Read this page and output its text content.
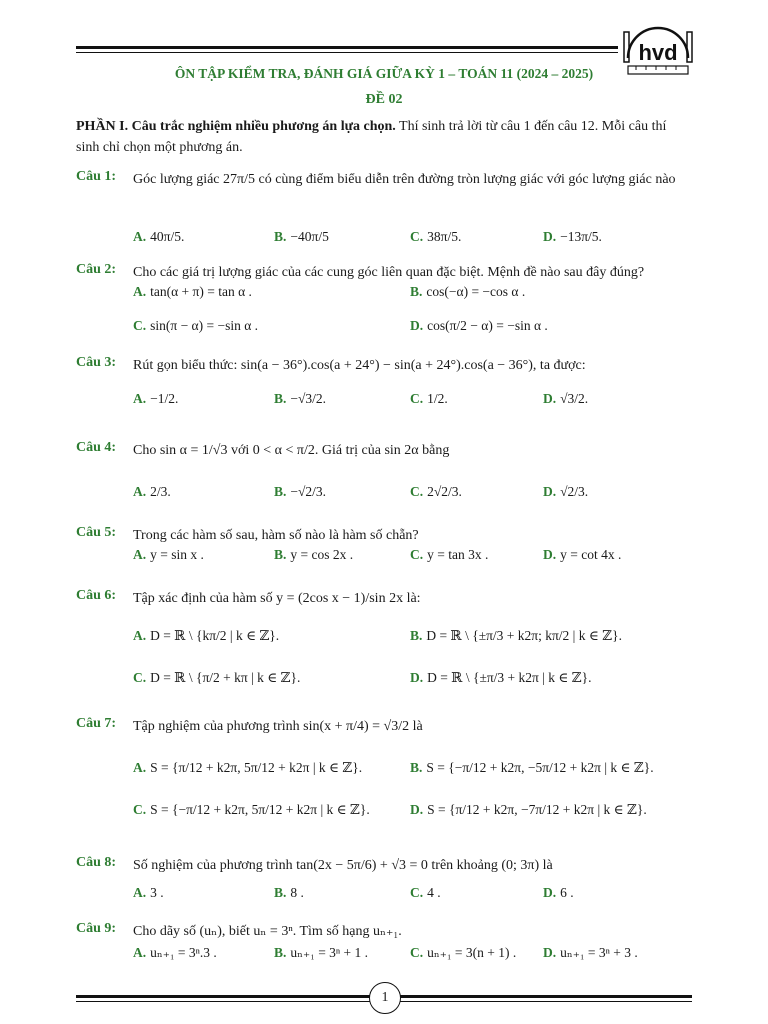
hvd
ÔN TẬP KIỂM TRA, ĐÁNH GIÁ GIỮA KỲ 1 – TOÁN 11 (2024 – 2025)
ĐỀ 02
PHẦN I. Câu trắc nghiệm nhiều phương án lựa chọn. Thí sinh trả lời từ câu 1 đến câu 12. Mỗi câu thí sinh chỉ chọn một phương án.
Câu 1: Góc lượng giác 27π/5 có cùng điểm biểu diễn trên đường tròn lượng giác với góc lượng giác nào
A. 40π/5.	B. −40π/5	C. 38π/5.	D. −13π/5.
Câu 2: Cho các giá trị lượng giác của các cung góc liên quan đặc biệt. Mệnh đề nào sau đây đúng?
A. tan(α + π) = tan α .	B. cos(−α) = −cos α .
C. sin(π − α) = −sin α .	D. cos(π/2 − α) = −sin α .
Câu 3: Rút gọn biểu thức: sin(a − 36°).cos(a + 24°) − sin(a + 24°).cos(a − 36°), ta được:
A. −1/2.	B. −√3/2.	C. 1/2.	D. √3/2.
Câu 4: Cho sin α = 1/√3 với 0 < α < π/2. Giá trị của sin 2α bằng
A. 2/3.	B. −√2/3.	C. 2√2/3.	D. √2/3.
Câu 5: Trong các hàm số sau, hàm số nào là hàm số chẵn?
A. y = sin x .	B. y = cos 2x .	C. y = tan 3x .	D. y = cot 4x .
Câu 6: Tập xác định của hàm số y = (2cos x − 1)/sin 2x là:
A. D = ℝ \ {kπ/2 | k ∈ ℤ}.	B. D = ℝ \ {±π/3 + k2π; kπ/2 | k ∈ ℤ}.
C. D = ℝ \ {π/2 + kπ | k ∈ ℤ}.	D. D = ℝ \ {±π/3 + k2π | k ∈ ℤ}.
Câu 7: Tập nghiệm của phương trình sin(x + π/4) = √3/2 là
A. S = {π/12 + k2π, 5π/12 + k2π | k ∈ ℤ}.	B. S = {−π/12 + k2π, −5π/12 + k2π | k ∈ ℤ}.
C. S = {−π/12 + k2π, 5π/12 + k2π | k ∈ ℤ}.	D. S = {π/12 + k2π, −7π/12 + k2π | k ∈ ℤ}.
Câu 8: Số nghiệm của phương trình tan(2x − 5π/6) + √3 = 0 trên khoảng (0; 3π) là
A. 3 .	B. 8 .	C. 4 .	D. 6 .
Câu 9: Cho dãy số (uₙ), biết uₙ = 3ⁿ. Tìm số hạng uₙ₊₁.
A. uₙ₊₁ = 3ⁿ.3 .	B. uₙ₊₁ = 3ⁿ + 1 .	C. uₙ₊₁ = 3(n + 1) . D. uₙ₊₁ = 3ⁿ + 3 .
1
